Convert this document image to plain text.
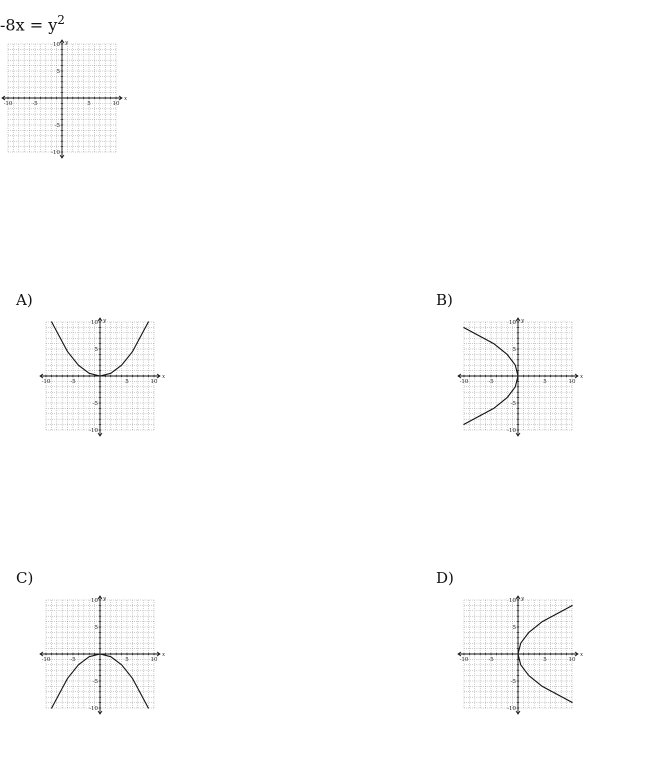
$-8x = y^2$
-10	-5	5	10
10
5
-5
-10
x
y
A)	B)
C)	D)
-10	-5	5	10
10
5
-5
-10
x
y
-10	-5	5	10
10
5
-5
-10
x
y
-10	-5	5	10
10
5
-5
-10
x
y
-10	-5	5	10
10
5
-5
-10
x
y
